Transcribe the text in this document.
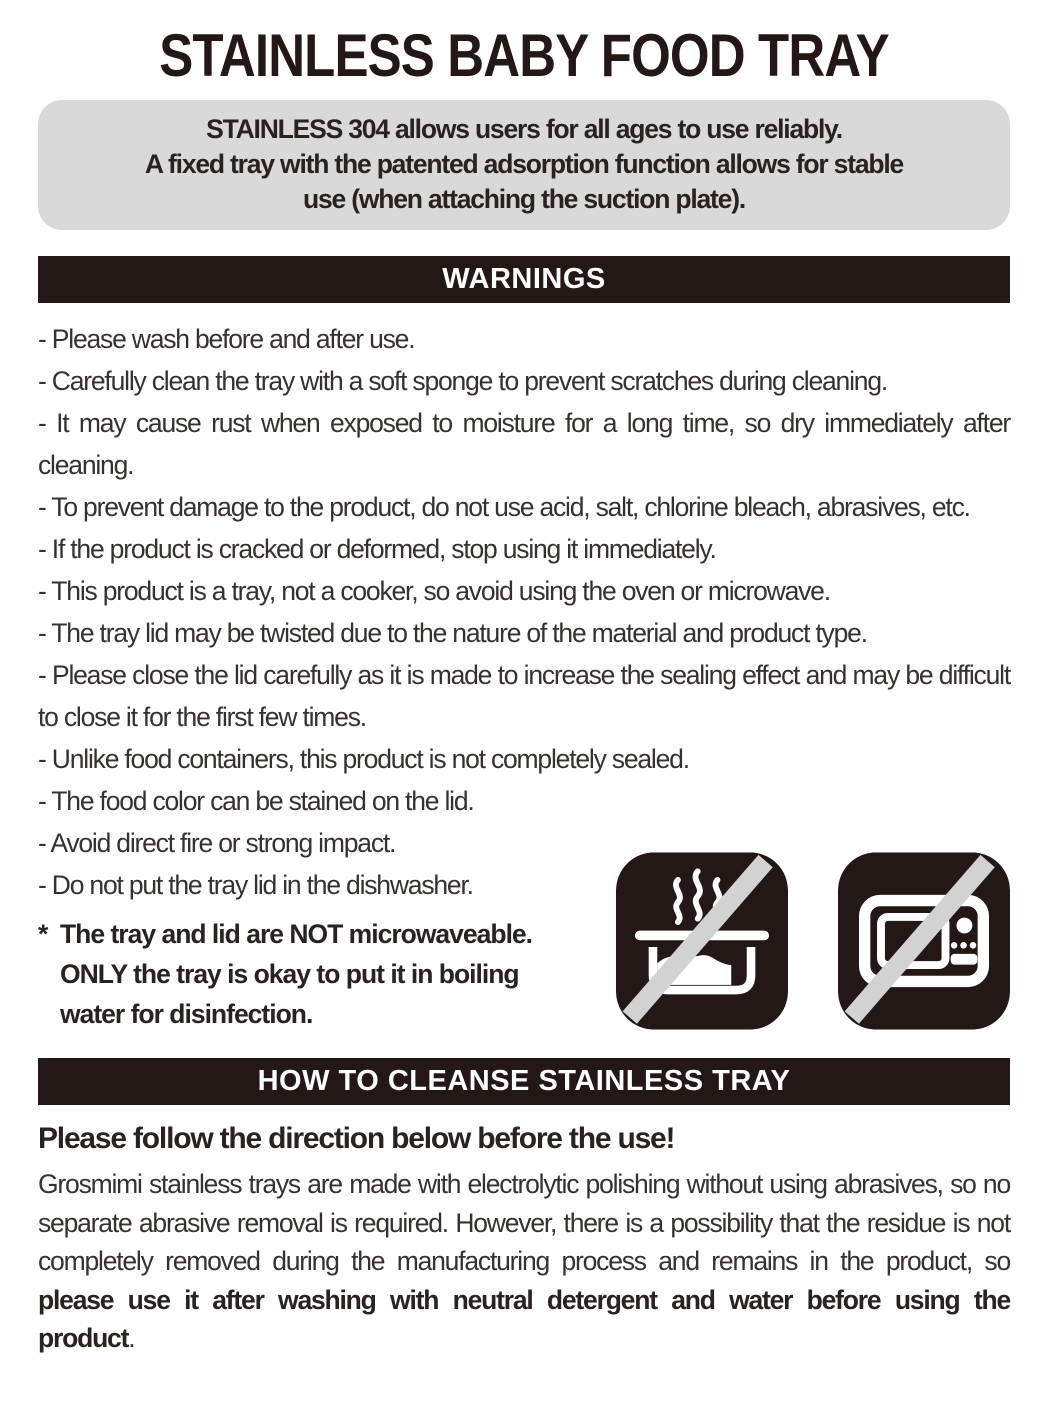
STAINLESS BABY FOOD TRAY
STAINLESS 304 allows users for all ages to use reliably.
A fixed tray with the patented adsorption function allows for stable
use (when attaching the suction plate).
WARNINGS

- Please wash before and after use.

- Carefully clean the tray with a soft sponge to prevent scratches during cleaning.

- It may cause rust when exposed to moisture for a long time, so dry immediately after cleaning.

- To prevent damage to the product, do not use acid, salt, chlorine bleach, abrasives, etc.

- If the product is cracked or deformed, stop using it immediately.

- This product is a tray, not a cooker, so avoid using the oven or microwave.

- The tray lid may be twisted due to the nature of the material and product type.

- Please close the lid carefully as it is made to increase the sealing effect and may be difficult to close it for the first few times.

- Unlike food containers, this product is not completely sealed.

- The food color can be stained on the lid.

- Avoid direct fire or strong impact.

- Do not put the tray lid in the dishwasher.

* The tray and lid are NOT microwaveable.
ONLY the tray is okay to put it in boiling
water for disinfection.
HOW TO CLEANSE STAINLESS TRAY

Please follow the direction below before the use!

Grosmimi stainless trays are made with electrolytic polishing without using abrasives, so no separate abrasive removal is required. However, there is a possibility that the residue is not completely removed during the manufacturing process and remains in the product, so please use it after washing with neutral detergent and water before using the product.
